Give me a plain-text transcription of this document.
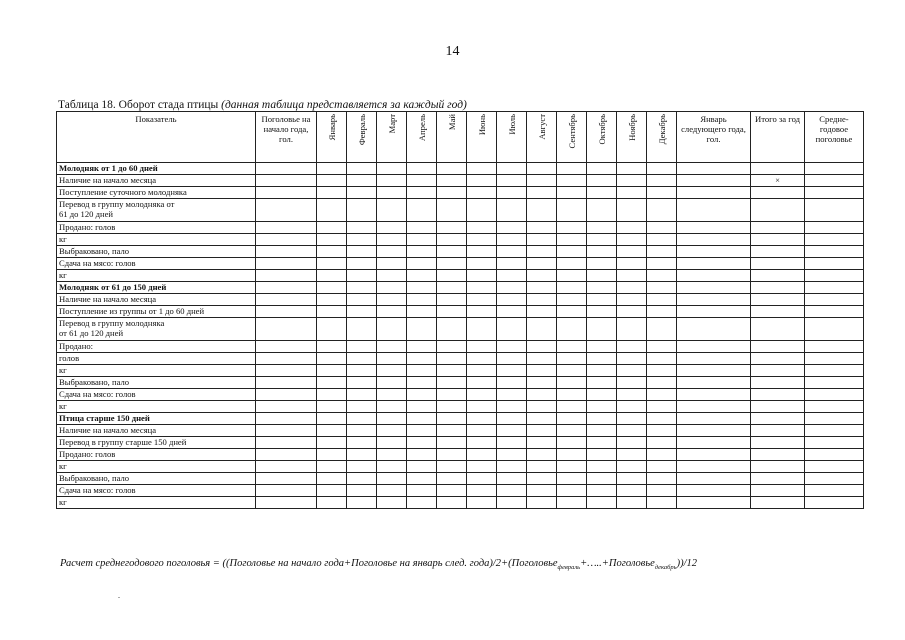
14
Таблица 18. Оборот стада птицы (данная таблица представляется за каждый год)
Показатель	Поголовье на начало года, гол.	Январь	Февраль	Март	Апрель	Май	Июнь	Июль	Август	Сентябрь	Октябрь	Ноябрь	Декабрь	Январь следующего года, гол.	Итого за год	Средне-годовое поголовье
Молодняк от 1 до 60 дней																
Наличие на начало месяца															×	
Поступление суточного молодняка																
Перевод в группу молодняка от
61 до 120 дней																
Продано: голов																
кг																
Выбраковано, пало																
Сдача на мясо: голов																
кг																
Молодняк от 61 до 150 дней																
Наличие на начало месяца																
Поступление из группы от 1 до 60 дней																
Перевод в группу молодняка
от 61 до 120 дней																
Продано:																
голов																
кг																
Выбраковано, пало																
Сдача на мясо: голов																
кг																
Птица старше 150 дней																
Наличие на начало месяца																
Перевод в группу старше 150 дней																
Продано: голов																
кг																
Выбраковано, пало																
Сдача на мясо: голов																
кг																
Расчет среднегодового поголовья = ((Поголовье на начало года+Поголовье на январь след. года)/2+(Поголовье$_{февраль}$+…..+Поголовье$_{декабрь}$))/12
